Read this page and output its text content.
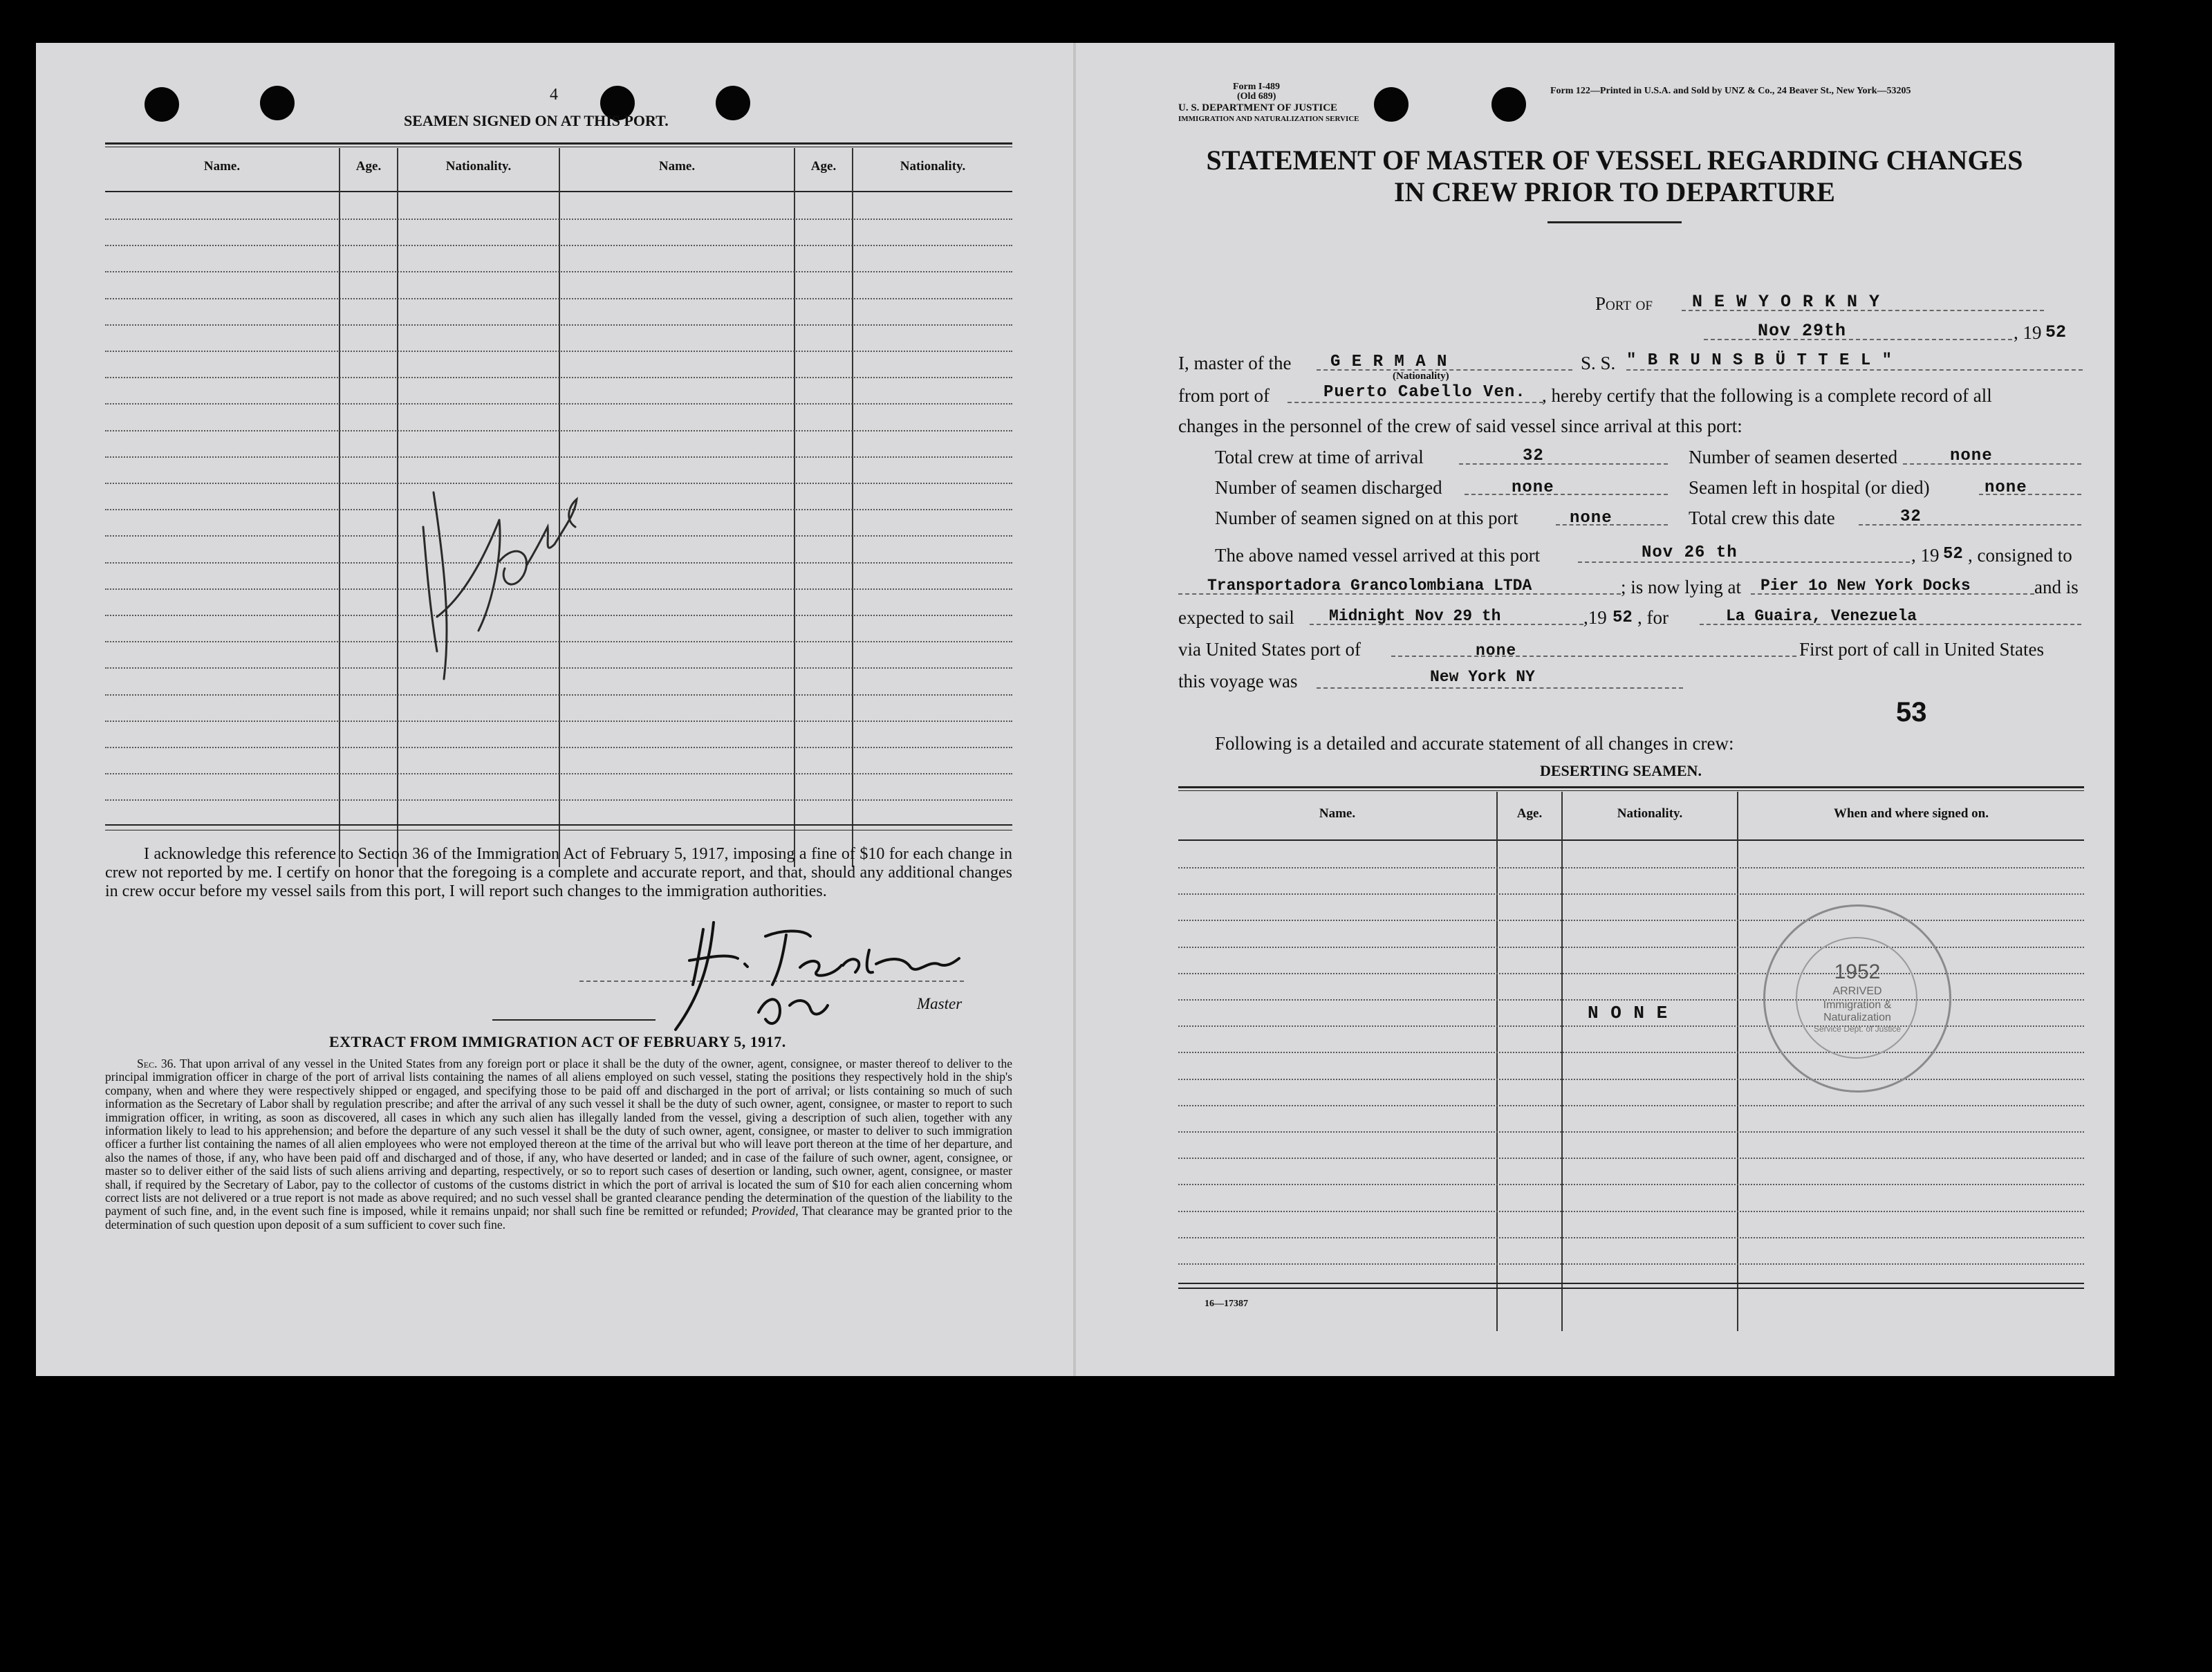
4
SEAMEN SIGNED ON AT THIS PORT.
Name.	Age.	Nationality.	Name.	Age.	Nationality.
I acknowledge this reference to Section 36 of the Immigration Act of February 5, 1917, imposing a fine of $10 for each change in crew not reported by me. I certify on honor that the foregoing is a complete and accurate report, and that, should any additional changes in crew occur before my vessel sails from this port, I will report such changes to the immigration authorities.
Master
EXTRACT FROM IMMIGRATION ACT OF FEBRUARY 5, 1917.
Sec. 36. That upon arrival of any vessel in the United States from any foreign port or place it shall be the duty of the owner, agent, consignee, or master thereof to deliver to the principal immigration officer in charge of the port of arrival lists containing the names of all aliens employed on such vessel, stating the positions they respectively hold in the ship's company, when and where they were respectively shipped or engaged, and specifying those to be paid off and discharged in the port of arrival; or lists containing so much of such information as the Secretary of Labor shall by regulation prescribe; and after the arrival of any such vessel it shall be the duty of such owner, agent, consignee, or master to report to such immigration officer, in writing, as soon as discovered, all cases in which any such alien has illegally landed from the vessel, giving a description of such alien, together with any information likely to lead to his apprehension; and before the departure of any such vessel it shall be the duty of such owner, agent, consignee, or master to deliver to such immigration officer a further list containing the names of all alien employees who were not employed thereon at the time of the arrival but who will leave port thereon at the time of her departure, and also the names of those, if any, who have been paid off and discharged and of those, if any, who have deserted or landed; and in case of the failure of such owner, agent, consignee, or master so to deliver either of the said lists of such aliens arriving and departing, respectively, or so to report such cases of desertion or landing, such owner, agent, consignee, or master shall, if required by the Secretary of Labor, pay to the collector of customs of the customs district in which the port of arrival is located the sum of $10 for each alien concerning whom correct lists are not delivered or a true report is not made as above required; and no such vessel shall be granted clearance pending the determination of the question of the liability to the payment of such fine, and, in the event such fine is imposed, while it remains unpaid; nor shall such fine be remitted or refunded; Provided, That clearance may be granted prior to the determination of such question upon deposit of a sum sufficient to cover such fine.
Form I-489
(Old 689)
U. S. DEPARTMENT OF JUSTICE
IMMIGRATION AND NATURALIZATION SERVICE
Form 122—Printed in U.S.A. and Sold by UNZ & Co., 24 Beaver St., New York—53205
STATEMENT OF MASTER OF VESSEL REGARDING CHANGES
IN CREW PRIOR TO DEPARTURE
Port of N E W Y O R K N Y
Nov 29th	, 19 52
I, master of the G E R M A N
(Nationality)
S. S. " B R U N S B Ü T T E L "
from port of	Puerto Cabello Ven. , hereby certify that the following is a complete record of all
changes in the personnel of the crew of said vessel since arrival at this port:
Total crew at time of arrival	32	Number of seamen deserted	none
Number of seamen discharged	none	Seamen left in hospital (or died)	none
Number of seamen signed on at this port	none	Total crew this date	32
The above named vessel arrived at this port	Nov 26 th	, 19 52 , consigned to
Transportadora Grancolombiana LTDA	; is now lying at Pier 1o New York Docks	and is
expected to sail Midnight Nov 29 th	,19 52 , for	La Guaira, Venezuela
via United States port of	none	First port of call in United States
this voyage was	New York NY
53
Following is a detailed and accurate statement of all changes in crew:
DESERTING SEAMEN.
Name.	Age.	Nationality.	When and where signed on.
N O N E
1952
ARRIVED
Immigration &
Naturalization
Service Dept. of Justice
16—17387
